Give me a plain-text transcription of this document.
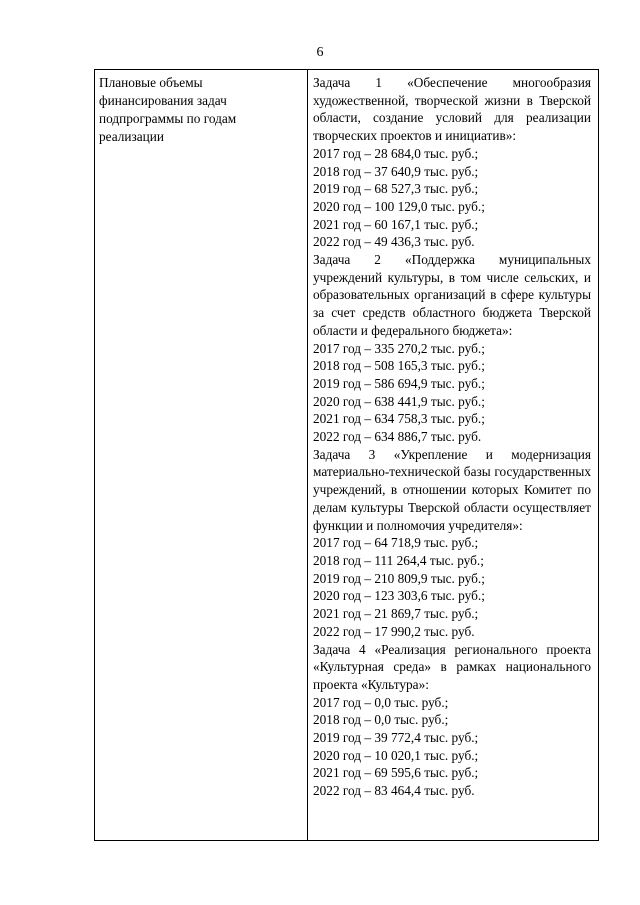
6
Плановые объемы финансирования задач подпрограммы по годам реализации
Задача 1 «Обеспечение многообразия художественной, творческой жизни в Тверской области, создание условий для реализации творческих проектов и инициатив»:
2017 год – 28 684,0 тыс. руб.;
2018 год – 37 640,9 тыс. руб.;
2019 год – 68 527,3 тыс. руб.;
2020 год – 100 129,0 тыс. руб.;
2021 год – 60 167,1 тыс. руб.;
2022 год – 49 436,3 тыс. руб.
Задача 2 «Поддержка муниципальных учреждений культуры, в том числе сельских, и образовательных организаций в сфере культуры за счет средств областного бюджета Тверской области и федерального бюджета»:
2017 год – 335 270,2 тыс. руб.;
2018 год – 508 165,3 тыс. руб.;
2019 год – 586 694,9 тыс. руб.;
2020 год – 638 441,9 тыс. руб.;
2021 год – 634 758,3 тыс. руб.;
2022 год – 634 886,7 тыс. руб.
Задача 3 «Укрепление и модернизация материально-технической базы государственных учреждений, в отношении которых Комитет по делам культуры Тверской области осуществляет функции и полномочия учредителя»:
2017 год – 64 718,9 тыс. руб.;
2018 год – 111 264,4 тыс. руб.;
2019 год – 210 809,9 тыс. руб.;
2020 год – 123 303,6 тыс. руб.;
2021 год – 21 869,7 тыс. руб.;
2022 год – 17 990,2 тыс. руб.
Задача 4 «Реализация регионального проекта «Культурная среда» в рамках национального проекта «Культура»:
2017 год – 0,0 тыс. руб.;
2018 год – 0,0 тыс. руб.;
2019 год – 39 772,4 тыс. руб.;
2020 год – 10 020,1 тыс. руб.;
2021 год – 69 595,6 тыс. руб.;
2022 год – 83 464,4 тыс. руб.
